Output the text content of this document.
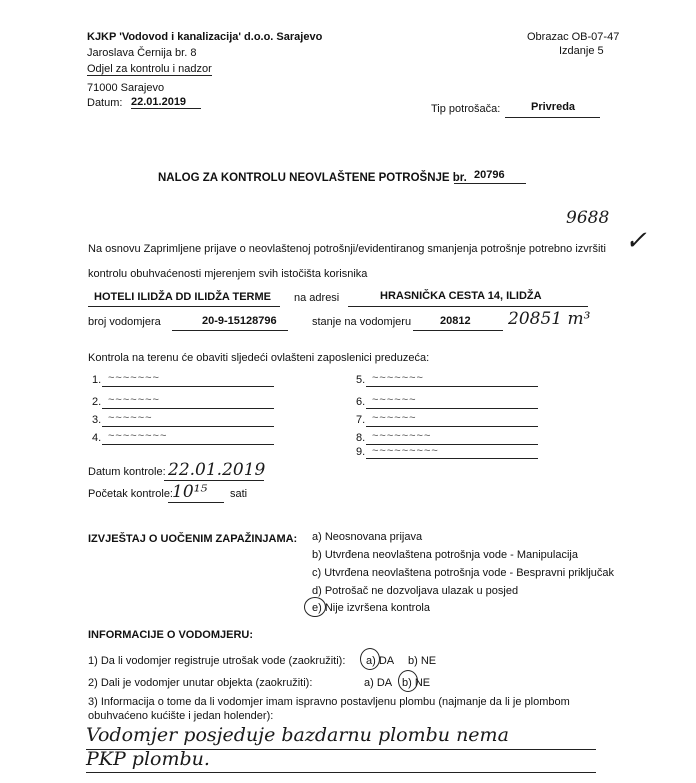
KJKP 'Vodovod i kanalizacija' d.o.o. Sarajevo
Jaroslava Černija br. 8
Odjel za kontrolu i nadzor
71000 Sarajevo
Datum: 22.01.2019
Obrazac OB-07-47
Izdanje 5
Tip potrošača:	Privreda
NALOG ZA KONTROLU NEOVLAŠTENE POTROŠNJE br. 20796
9688
✓
Na osnovu Zaprimljene prijave o neovlaštenoj potrošnji/evidentiranog smanjenja potrošnje potrebno izvršiti
kontrolu obuhvaćenosti mjerenjem svih istočišta korisnika
HOTELI ILIDŽA DD ILIDŽA TERME na adresi	HRASNIČKA CESTA 14, ILIDŽA
broj vodomjera	20-9-15128796	stanje na vodomjeru	20812 20851 m³
Kontrola na terenu će obaviti sljedeći ovlašteni zaposlenici preduzeća:
1. ~~~~~~~
2. ~~~~~~~
3. ~~~~~~
4. ~~~~~~~~
5. ~~~~~~~
6. ~~~~~~
7. ~~~~~~
8. ~~~~~~~~
9. ~~~~~~~~~
Datum kontrole: 22.01.2019
Početak kontrole: 10¹⁵ sati
IZVJEŠTAJ O UOČENIM ZAPAŽINJAMA: a) Neosnovana prijava
b) Utvrđena neovlaštena potrošnja vode - Manipulacija
c) Utvrđena neovlaštena potrošnja vode - Bespravni priključak
d) Potrošač ne dozvoljava ulazak u posjed
e) Nije izvršena kontrola
INFORMACIJE O VODOMJERU:
1) Da li vodomjer registruje utrošak vode (zaokružiti): a) DA b) NE
2) Dali je vodomjer unutar objekta (zaokružiti):	a) DA b) NE
3) Informacija o tome da li vodomjer imam ispravno postavljenu plombu (najmanje da li je plombom
obuhvaćeno kućište i jedan holender):
Vodomjer posjeduje bazdarnu plombu nema
PKP plombu.
